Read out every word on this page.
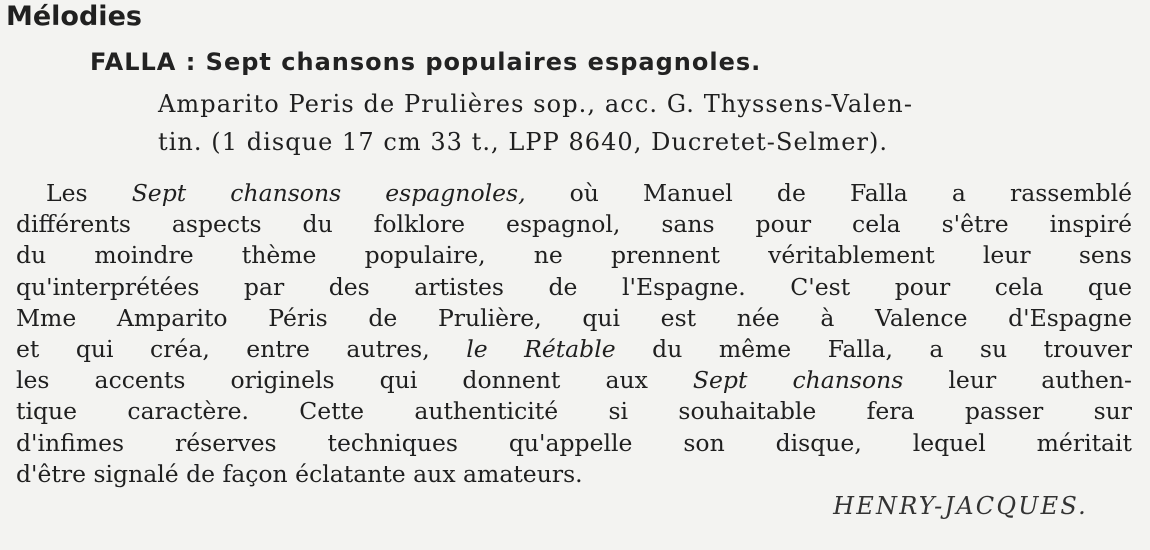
Mélodies
FALLA : Sept chansons populaires espagnoles.
Amparito Peris de Prulières sop., acc. G. Thyssens-Valen-
tin. (1 disque 17 cm 33 t., LPP 8640, Ducretet-Selmer).
Les Sept chansons espagnoles, où Manuel de Falla a rassemblé
différents aspects du folklore espagnol, sans pour cela s'être inspiré
du moindre thème populaire, ne prennent véritablement leur sens
qu'interprétées par des artistes de l'Espagne. C'est pour cela que
Mme Amparito Péris de Prulière, qui est née à Valence d'Espagne
et qui créa, entre autres, le Rétable du même Falla, a su trouver
les accents originels qui donnent aux Sept chansons leur authen-
tique caractère. Cette authenticité si souhaitable fera passer sur
d'infimes réserves techniques qu'appelle son disque, lequel méritait
d'être signalé de façon éclatante aux amateurs.
HENRY-JACQUES.
